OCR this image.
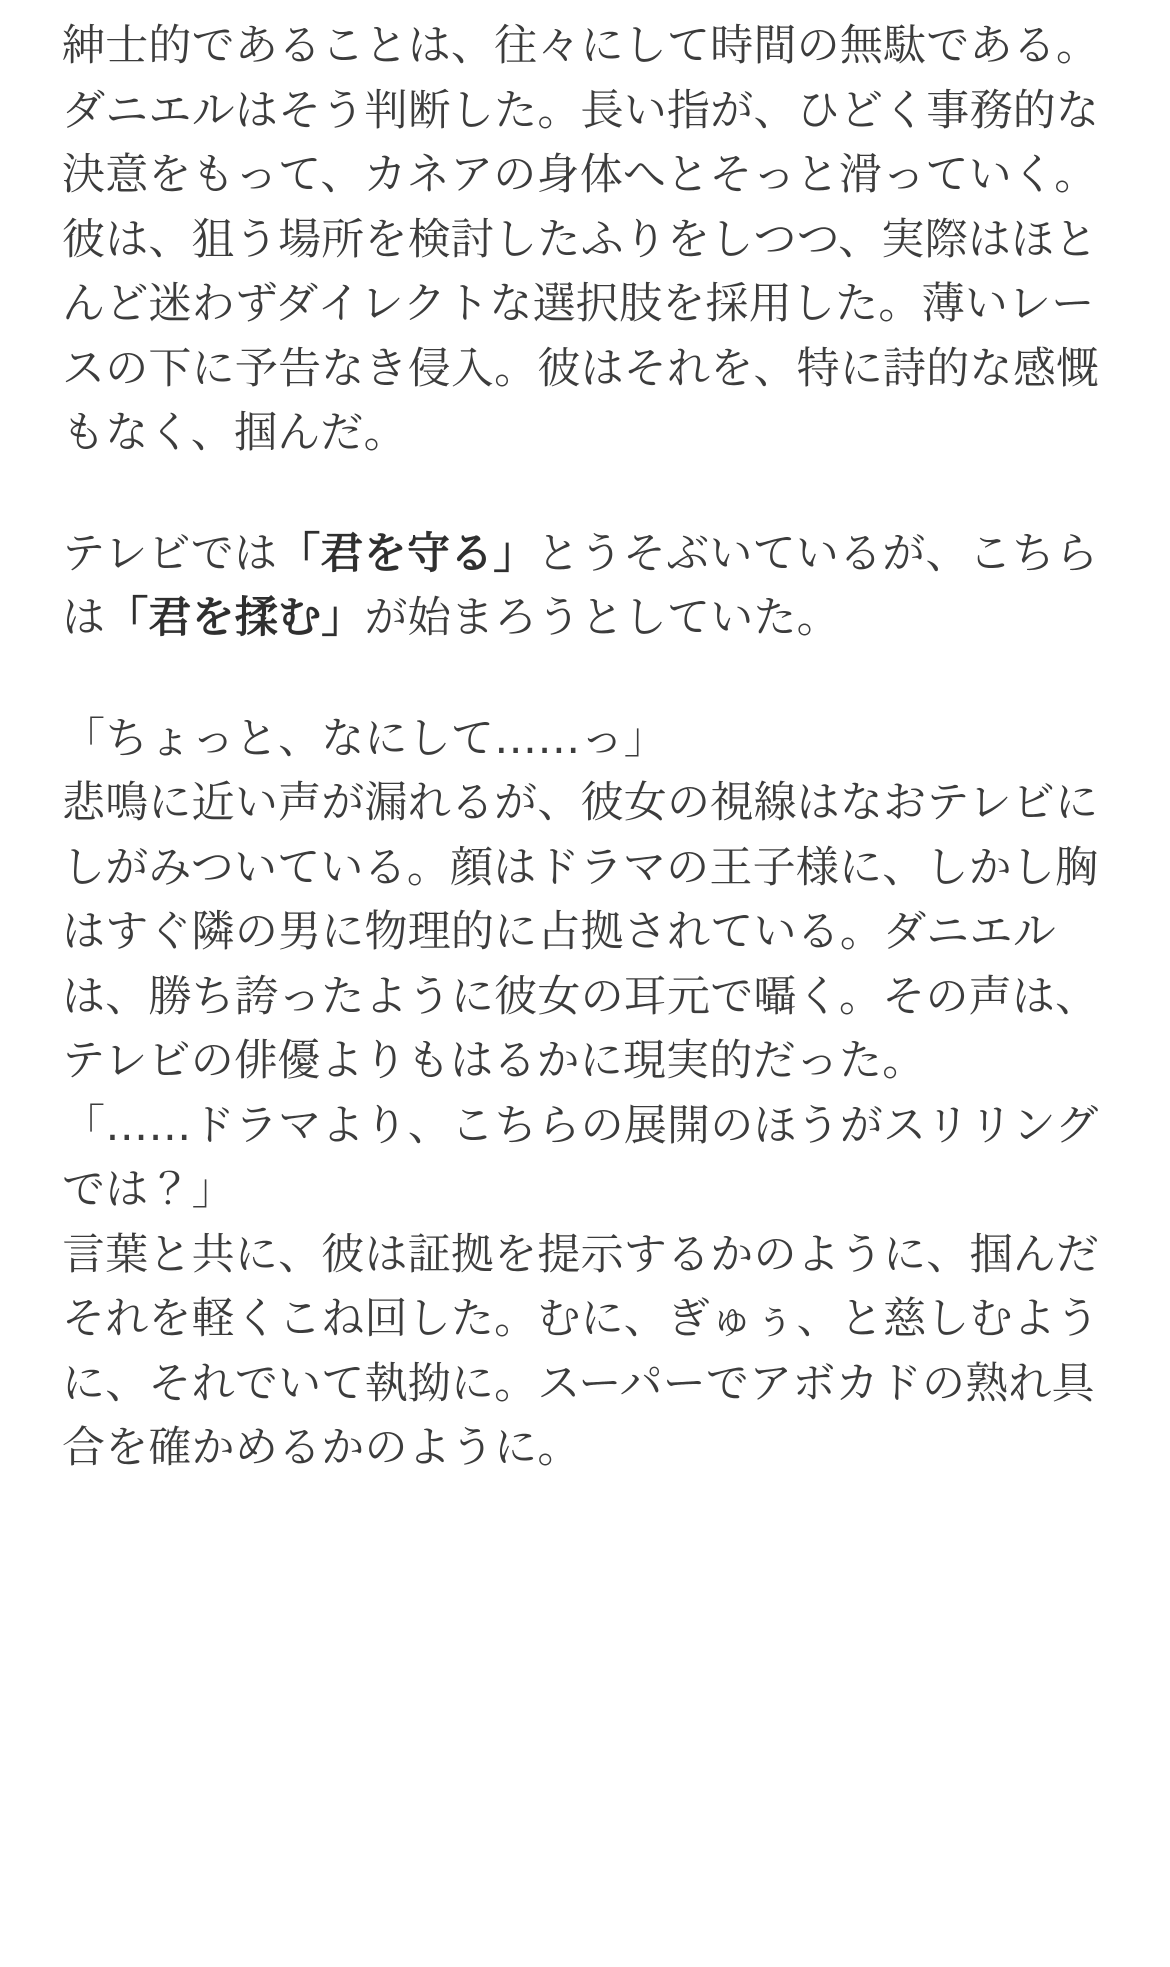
紳士的であることは、往々にして時間の無駄である。ダニエルはそう判断した。長い指が、ひどく事務的な決意をもって、カネアの身体へとそっと滑っていく。彼は、狙う場所を検討したふりをしつつ、実際はほとんど迷わずダイレクトな選択肢を採用した。薄いレースの下に予告なき侵入。彼はそれを、特に詩的な感慨もなく、掴んだ。

テレビでは「君を守る」とうそぶいているが、こちらは「君を揉む」が始まろうとしていた。

「ちょっと、なにして……っ」

悲鳴に近い声が漏れるが、彼女の視線はなおテレビにしがみついている。顔はドラマの王子様に、しかし胸はすぐ隣の男に物理的に占拠されている。ダニエルは、勝ち誇ったように彼女の耳元で囁く。その声は、テレビの俳優よりもはるかに現実的だった。

「……ドラマより、こちらの展開のほうがスリリングでは？」

言葉と共に、彼は証拠を提示するかのように、掴んだそれを軽くこね回した。むに、ぎゅぅ、と慈しむように、それでいて執拗に。スーパーでアボカドの熟れ具合を確かめるかのように。
